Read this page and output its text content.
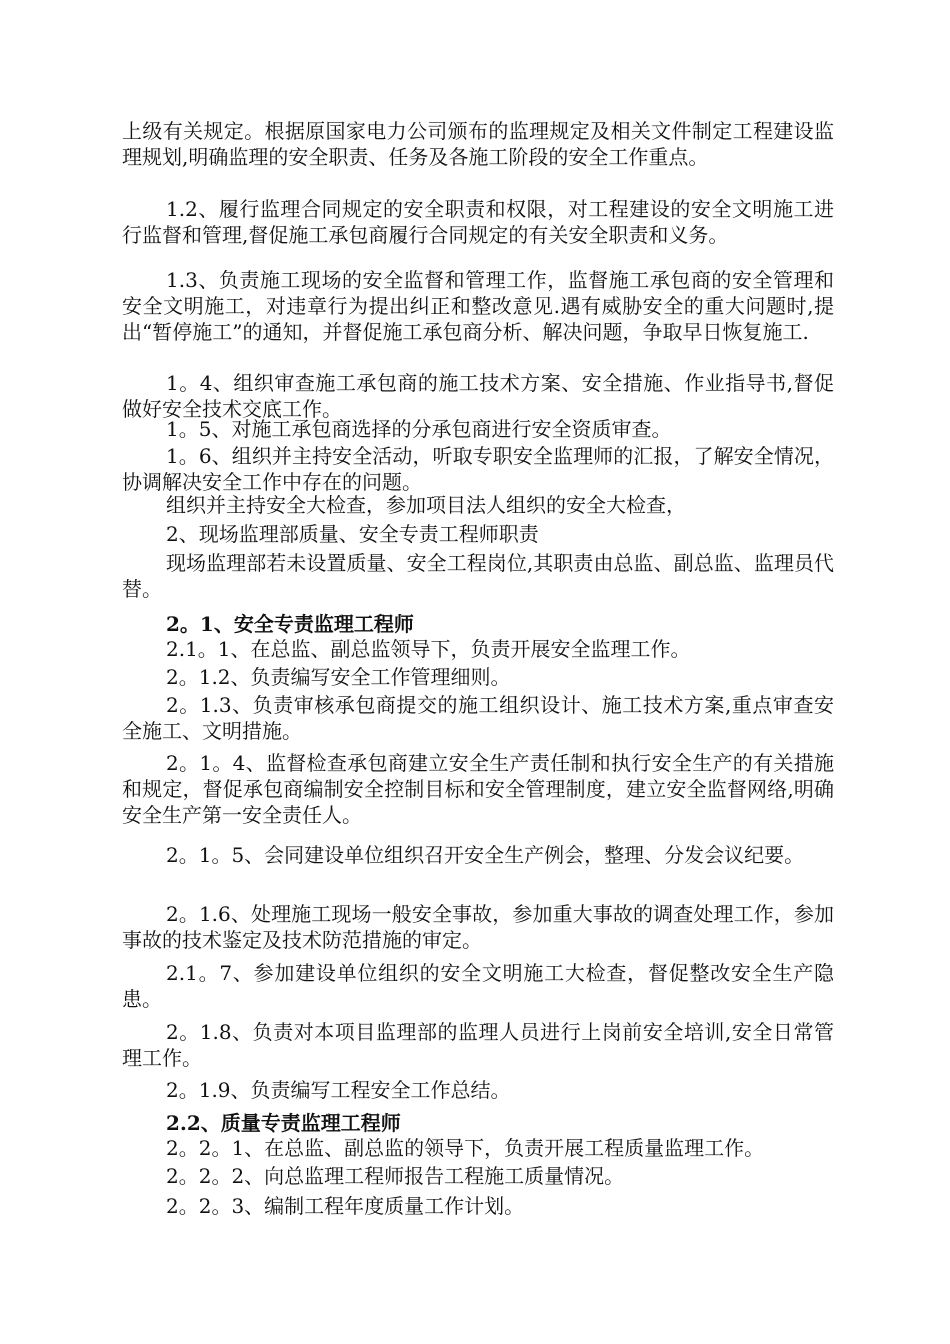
上级有关规定。根据原国家电力公司颁布的监理规定及相关文件制定工程建设监理规划,明确监理的安全职责、任务及各施工阶段的安全工作重点。

1.2、履行监理合同规定的安全职责和权限，对工程建设的安全文明施工进行监督和管理,督促施工承包商履行合同规定的有关安全职责和义务。

1.3、负责施工现场的安全监督和管理工作，监督施工承包商的安全管理和安全文明施工，对违章行为提出纠正和整改意见.遇有威胁安全的重大问题时,提出“暂停施工”的通知，并督促施工承包商分析、解决问题，争取早日恢复施工.

1。4、组织审查施工承包商的施工技术方案、安全措施、作业指导书,督促做好安全技术交底工作。

1。5、对施工承包商选择的分承包商进行安全资质审查。

1。6、组织并主持安全活动，听取专职安全监理师的汇报，了解安全情况，协调解决安全工作中存在的问题。

组织并主持安全大检查，参加项目法人组织的安全大检查，

2、现场监理部质量、安全专责工程师职责

现场监理部若未设置质量、安全工程岗位,其职责由总监、副总监、监理员代替。

2。1、安全专责监理工程师

2.1。1、在总监、副总监领导下，负责开展安全监理工作。

2。1.2、负责编写安全工作管理细则。

2。1.3、负责审核承包商提交的施工组织设计、施工技术方案,重点审查安全施工、文明措施。

2。1。4、监督检查承包商建立安全生产责任制和执行安全生产的有关措施和规定，督促承包商编制安全控制目标和安全管理制度，建立安全监督网络,明确安全生产第一安全责任人。

2。1。5、会同建设单位组织召开安全生产例会，整理、分发会议纪要。

2。1.6、处理施工现场一般安全事故，参加重大事故的调查处理工作，参加事故的技术鉴定及技术防范措施的审定。

2.1。7、参加建设单位组织的安全文明施工大检查，督促整改安全生产隐患。

2。1.8、负责对本项目监理部的监理人员进行上岗前安全培训,安全日常管理工作。

2。1.9、负责编写工程安全工作总结。

2.2、质量专责监理工程师

2。2。1、在总监、副总监的领导下，负责开展工程质量监理工作。

2。2。2、向总监理工程师报告工程施工质量情况。

2。2。3、编制工程年度质量工作计划。
